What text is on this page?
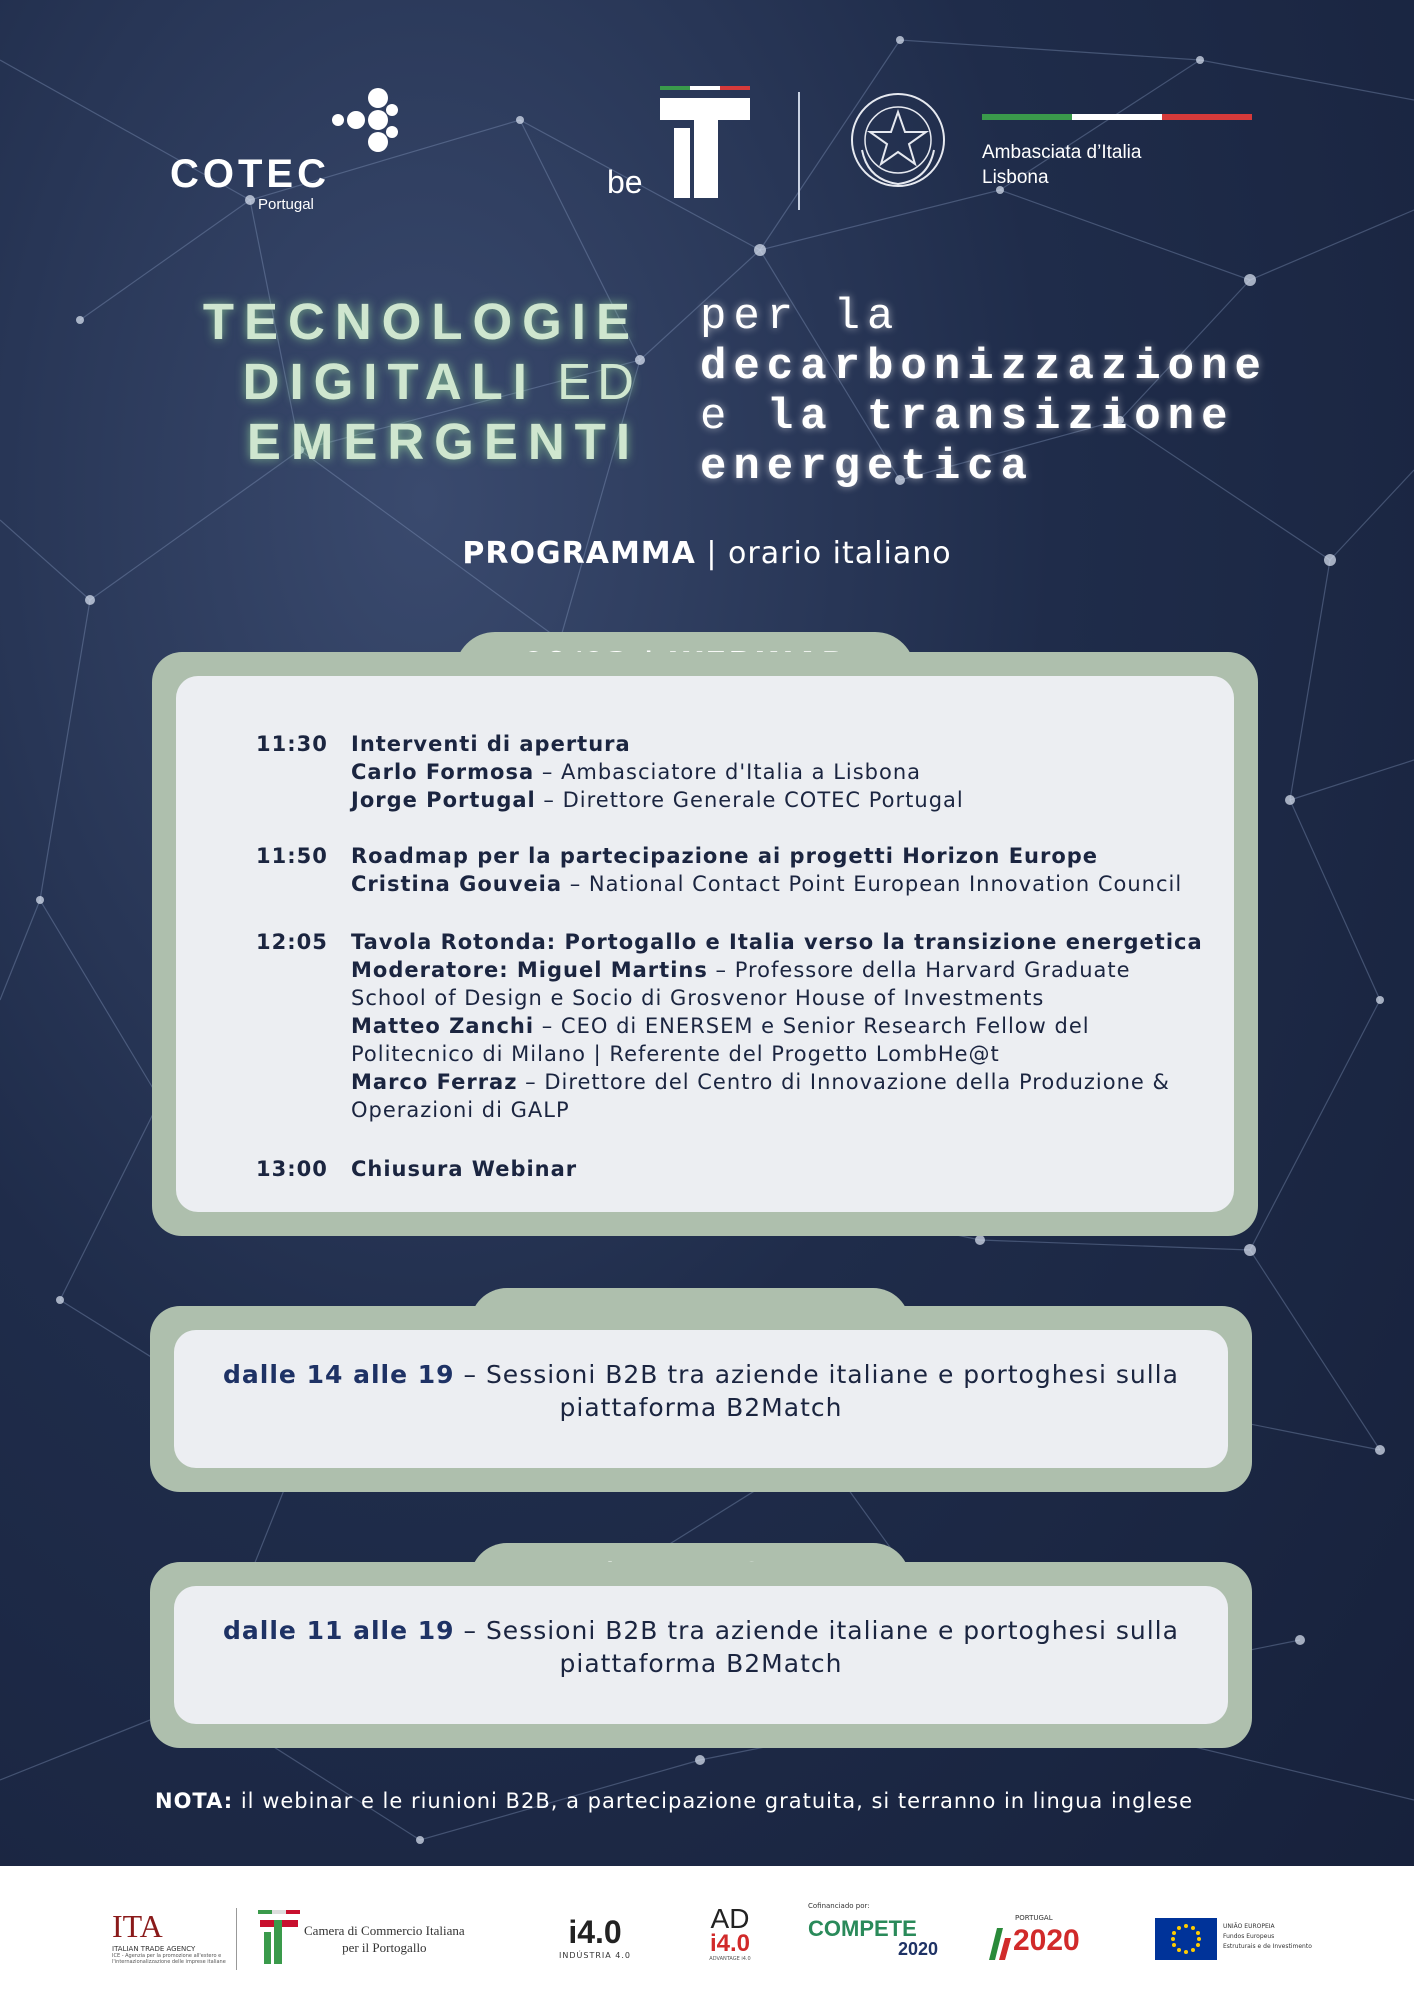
COTEC
Portugal
be
Ambasciata d’Italia
Lisbona
TECNOLOGIE
DIGITALI ED
EMERGENTI
per la
decarbonizzazione
e la transizione
energetica
PROGRAMMA | orario italiano
11:30	Interventi di apertura
Carlo Formosa – Ambasciatore d'Italia a Lisbona
Jorge Portugal – Direttore Generale COTEC Portugal
11:50	Roadmap per la partecipazione ai progetti Horizon Europe
Cristina Gouveia – National Contact Point European Innovation Council
12:05	Tavola Rotonda: Portogallo e Italia verso la transizione energetica
Moderatore: Miguel Martins – Professore della Harvard Graduate
School of Design e Socio di Grosvenor House of Investments
Matteo Zanchi – CEO di ENERSEM e Senior Research Fellow del
Politecnico di Milano | Referente del Progetto LombHe@t
Marco Ferraz – Direttore del Centro di Innovazione della Produzione &
Operazioni di GALP
13:00	Chiusura Webinar
dalle 14 alle 19 – Sessioni B2B tra aziende italiane e portoghesi sulla
piattaforma B2Match
dalle 11 alle 19 – Sessioni B2B tra aziende italiane e portoghesi sulla
piattaforma B2Match
NOTA: il webinar e le riunioni B2B, a partecipazione gratuita, si terranno in lingua inglese
ITA
ITALIAN TRADE AGENCY
ICE - Agenzia per la promozione all'estero e
l'internazionalizzazione delle imprese italiane
Camera di Commercio Italiana
per il Portogallo	i4.0
INDÚSTRIA 4.0
AD
i4.0
ADVANTAGE i4.0
Cofinanciado por:
COMPETE
2020
PORTUGAL
2020	UNIÃO EUROPEIA
Fundos Europeus
Estruturais e de Investimento
